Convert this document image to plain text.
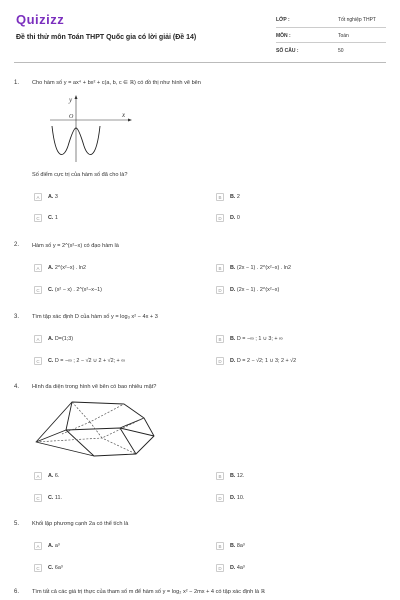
Quizizz
Đề thi thử môn Toán THPT Quốc gia có lời giải (Đề 14)
LỚP :	Tốt nghiệp THPT
MÔN :	Toán
SỐ CÂU :	50
1. Cho hàm số y = ax⁴ + bx² + c(a, b, c ∈ ℝ) có đồ thị như hình vẽ bên
y
O	x
Số điểm cực trị của hàm số đã cho là?
A	A. 3	B	B. 2
C	C. 1	D	D. 0
2. Hàm số y = 2^(x²−x) có đạo hàm là
A	A. 2^(x²−x) . ln2	B	B. (2x − 1) . 2^(x²−x) . ln2
C	C. (x² − x) . 2^(x²−x−1)	D	D. (2x − 1) . 2^(x²−x)
3. Tìm tập xác định D của hàm số y = log₃ x² − 4x + 3
A	A. D=(1;3)	B	B. D = −∞ ; 1 ∪ 3; + ∞
C	C. D = −∞ ; 2 − √2 ∪ 2 + √2; + ∞	D	D. D = 2 − √2; 1 ∪ 3; 2 + √2
4. Hình đa diện trong hình vẽ bên có bao nhiêu mặt?
A	A. 6.	B	B. 12.
C	C. 11.	D	D. 10.
5. Khối lập phương cạnh 2a có thể tích là
A	A. a³	B	B. 8a³
C	C. 6a³	D	D. 4a³
6. Tìm tất cả các giá trị thực của tham số m để hàm số y = log₂ x² − 2mx + 4 có tập xác định là ℝ
